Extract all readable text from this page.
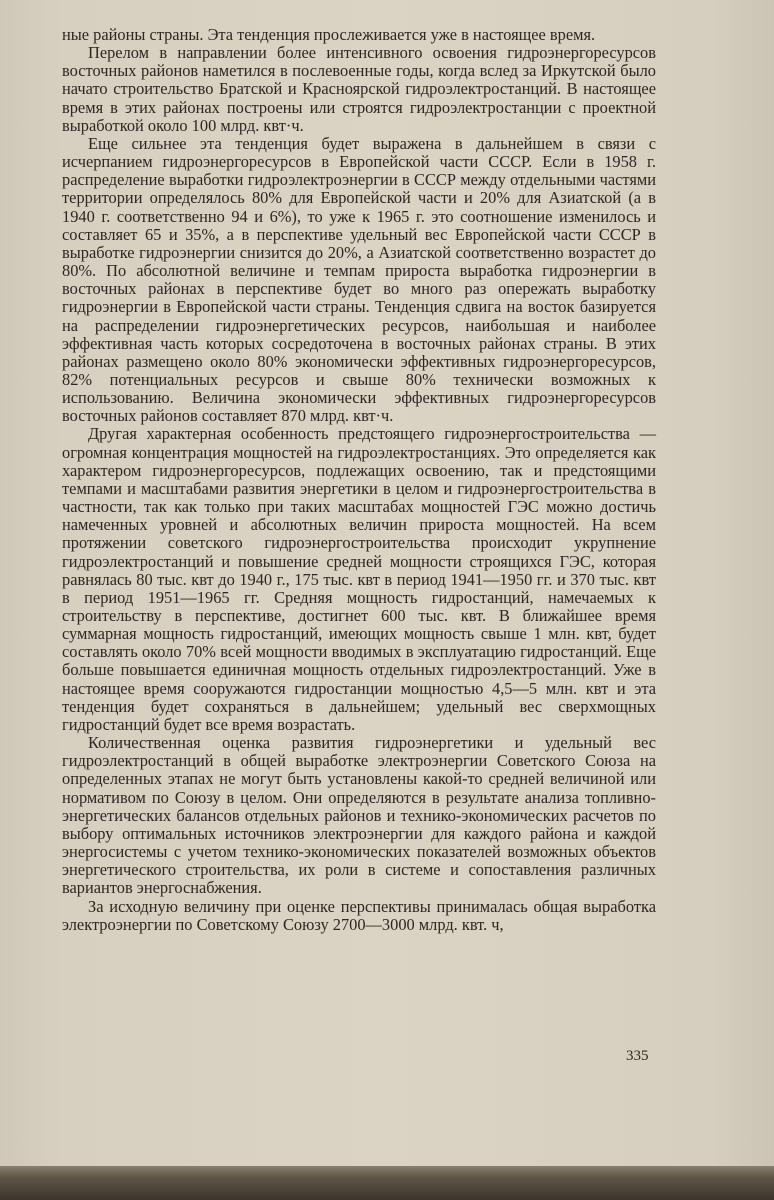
ные районы страны. Эта тенденция прослеживается уже в настоящее время.

Перелом в направлении более интенсивного освоения гидроэнергоресурсов восточных районов наметился в послевоенные годы, когда вслед за Иркутской было начато строительство Братской и Красноярской гидроэлектростанций. В настоящее время в этих районах построены или строятся гидроэлектростанции с проектной выработкой около 100 млрд. квт·ч.

Еще сильнее эта тенденция будет выражена в дальнейшем в связи с исчерпанием гидроэнергоресурсов в Европейской части СССР. Если в 1958 г. распределение выработки гидроэлектроэнергии в СССР между отдельными частями территории определялось 80% для Европейской части и 20% для Азиатской (а в 1940 г. соответственно 94 и 6%), то уже к 1965 г. это соотношение изменилось и составляет 65 и 35%, а в перспективе удельный вес Европейской части СССР в выработке гидроэнергии снизится до 20%, а Азиатской соответственно возрастет до 80%. По абсолютной величине и темпам прироста выработка гидроэнергии в восточных районах в перспективе будет во много раз опережать выработку гидроэнергии в Европейской части страны. Тенденция сдвига на восток базируется на распределении гидроэнергетических ресурсов, наибольшая и наиболее эффективная часть которых сосредоточена в восточных районах страны. В этих районах размещено около 80% экономически эффективных гидроэнергоресурсов, 82% потенциальных ресурсов и свыше 80% технически возможных к использованию. Величина экономически эффективных гидроэнергоресурсов восточных районов составляет 870 млрд. квт·ч.

Другая характерная особенность предстоящего гидроэнергостроительства — огромная концентрация мощностей на гидроэлектростанциях. Это определяется как характером гидроэнергоресурсов, подлежащих освоению, так и предстоящими темпами и масштабами развития энергетики в целом и гидроэнергостроительства в частности, так как только при таких масштабах мощностей ГЭС можно достичь намеченных уровней и абсолютных величин прироста мощностей. На всем протяжении советского гидроэнергостроительства происходит укрупнение гидроэлектростанций и повышение средней мощности строящихся ГЭС, которая равнялась 80 тыс. квт до 1940 г., 175 тыс. квт в период 1941—1950 гг. и 370 тыс. квт в период 1951—1965 гг. Средняя мощность гидростанций, намечаемых к строительству в перспективе, достигнет 600 тыс. квт. В ближайшее время суммарная мощность гидростанций, имеющих мощность свыше 1 млн. квт, будет составлять около 70% всей мощности вводимых в эксплуатацию гидростанций. Еще больше повышается единичная мощность отдельных гидроэлектростанций. Уже в настоящее время сооружаются гидростанции мощностью 4,5—5 млн. квт и эта тенденция будет сохраняться в дальнейшем; удельный вес сверхмощных гидростанций будет все время возрастать.

Количественная оценка развития гидроэнергетики и удельный вес гидроэлектростанций в общей выработке электроэнергии Советского Союза на определенных этапах не могут быть установлены какой-то средней величиной или нормативом по Союзу в целом. Они определяются в результате анализа топливно-энергетических балансов отдельных районов и технико-экономических расчетов по выбору оптимальных источников электроэнергии для каждого района и каждой энергосистемы с учетом технико-экономических показателей возможных объектов энергетического строительства, их роли в системе и сопоставления различных вариантов энергоснабжения.

За исходную величину при оценке перспективы принималась общая выработка электроэнергии по Советскому Союзу 2700—3000 млрд. квт. ч,

335
